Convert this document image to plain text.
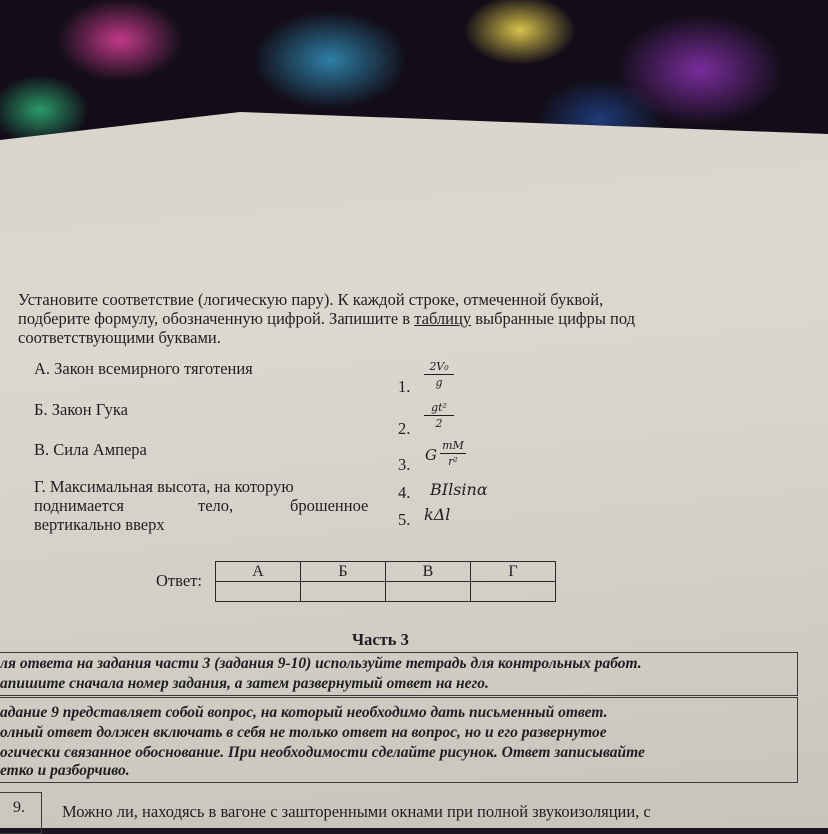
Установите соответствие (логическую пару). К каждой строке, отмеченной буквой,
подберите формулу, обозначенную цифрой. Запишите в таблицу выбранные цифры под
соответствующими буквами.
А. Закон всемирного тяготения
Б. Закон Гука
В. Сила Ампера
Г. Максимальная высота, на которую
поднимается	тело,	брошенное
вертикально вверх
1.
2V₀
g
2.
gt²
2
3. G
mM
r²
4. BIlsinα
5. kΔl
Ответ:	А	Б	В	Г

Часть 3
ля ответа на задания части 3 (задания 9-10) используйте тетрадь для контрольных работ.
апишите сначала номер задания, а затем развернутый ответ на него.
адание 9 представляет собой вопрос, на который необходимо дать письменный ответ.
олный ответ должен включать в себя не только ответ на вопрос, но и его развернутое
огически связанное обоснование. При необходимости сделайте рисунок. Ответ записывайте
етко и разборчиво.
9.	Можно ли, находясь в вагоне с зашторенными окнами при полной звукоизоляции, с
